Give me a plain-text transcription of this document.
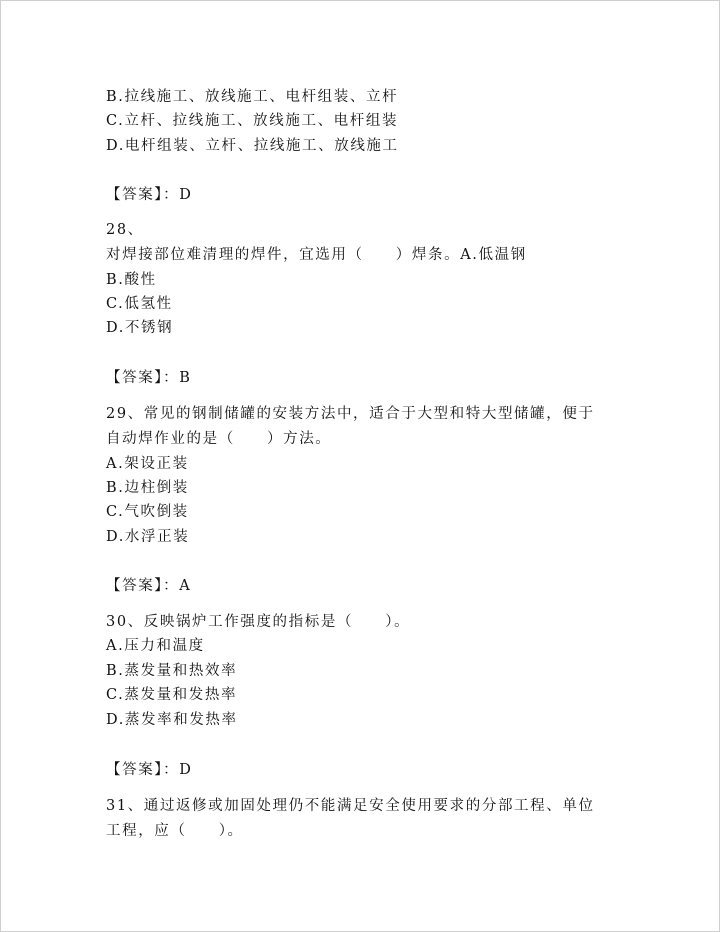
B.拉线施工、放线施工、电杆组装、立杆
C.立杆、拉线施工、放线施工、电杆组装
D.电杆组装、立杆、拉线施工、放线施工
【答案】：D
28、
对焊接部位难清理的焊件，宜选用（　　）焊条。A.低温钢
B.酸性
C.低氢性
D.不锈钢
【答案】：B
29、常见的钢制储罐的安装方法中，适合于大型和特大型储罐，便于
自动焊作业的是（　　）方法。
A.架设正装
B.边柱倒装
C.气吹倒装
D.水浮正装
【答案】：A
30、反映锅炉工作强度的指标是（　　）。
A.压力和温度
B.蒸发量和热效率
C.蒸发量和发热率
D.蒸发率和发热率
【答案】：D
31、通过返修或加固处理仍不能满足安全使用要求的分部工程、单位
工程，应（　　）。
